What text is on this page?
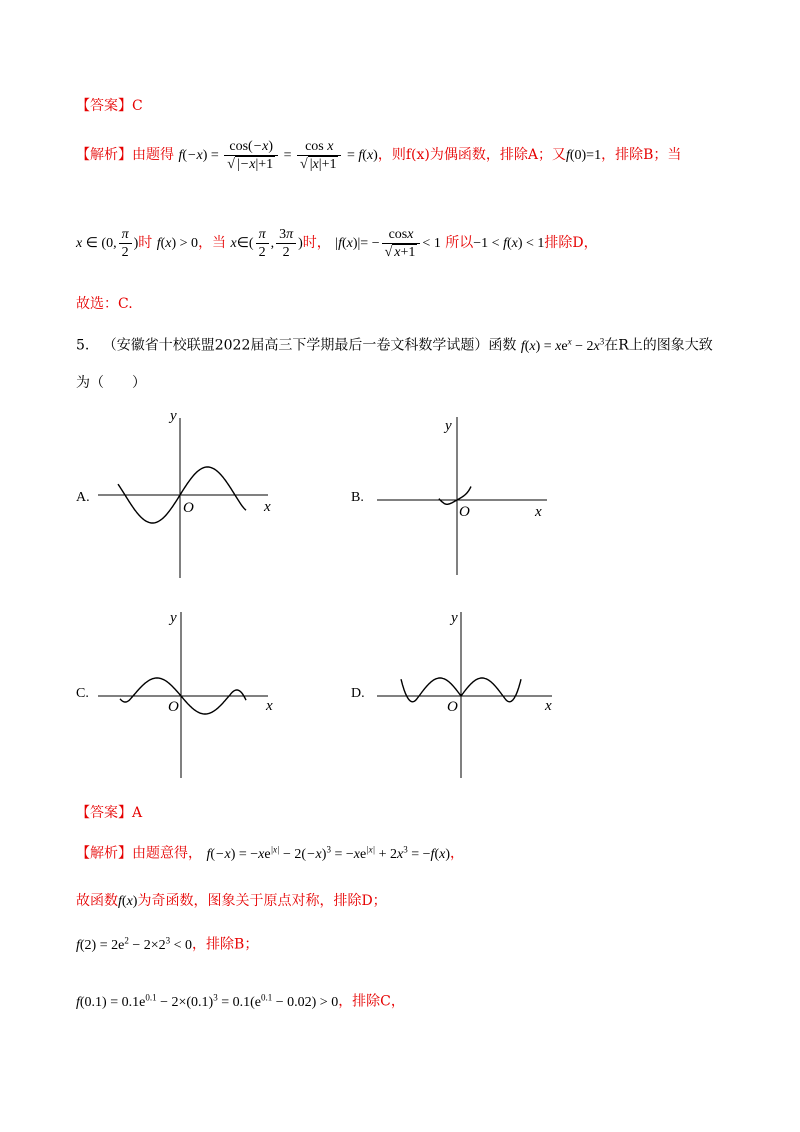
【答案】C
【解析】由题得 $f(-x) = \frac{\cos(-x)}{√ |-x|+1} = \frac{\text{cos x}}{√ |x|+1} = f(x)$，则f(x)为偶函数，排除A；又f(0)=1，排除B；当
x ∈ (0, $\frac{\pi}{2}$ )时 f(x) > 0，当 x∈( $\frac{\pi}{2}$ , $\frac{3\pi}{2}$ )时， $|f(x)|= - \frac{\cos x}{√ x+1} < 1$ 所以−1 < f(x) < 1排除D，
故选：C.
5. （安徽省十校联盟2022届高三下学期最后一卷文科数学试题）函数 $f(x) = xe^x - 2x^3$在R上的图象大致
为（　　）
A.	B.
C.	D.
x
y
O	x
y
O
x
y
O	x
y
O
【答案】A
【解析】由题意得， $f(-x) = -xe^{|x|} - 2(-x)^3 = -xe^{|x|} + 2x^3 = -f(x)$，
故函数f(x)为奇函数，图象关于原点对称，排除D；
$f(2) = 2e^2 - 2\times 2^3 < 0$，排除B；
$f(0.1) = 0.1e^{0.1} - 2\times(0.1)^3 = 0.1(e^{0.1} - 0.02) > 0$，排除C，
